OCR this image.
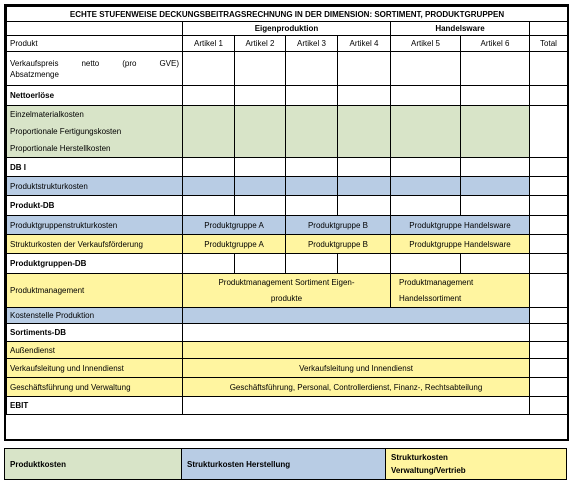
ECHTE STUFENWEISE DECKUNGSBEITRAGSRECHNUNG IN DER DIMENSION: SORTIMENT, PRODUKTGRUPPEN							
	Eigenproduktion				Handelsware		
Produkt	Artikel 1	Artikel 2	Artikel 3	Artikel 4	Artikel 5	Artikel 6	Total

Verkaufspreis netto (pro GVE)
Absatzmenge							

Nettoerlöse							

Einzelmaterialkosten
Proportionale Fertigungskosten
Proportionale Herstellkosten							

DB I							
Produktstrukturkosten							
Produkt-DB							
Produktgruppenstrukturkosten	Produktgruppe A		Produktgruppe B		Produktgruppe Handelsware		
Strukturkosten der Verkaufsförderung	Produktgruppe A		Produktgruppe B		Produktgruppe Handelsware		
Produktgruppen-DB							
Produktmanagement	Produktmanagement Sortiment Eigen-produkte				Produktmanagement
Handelssortiment		

Kostenstelle Produktion							
Sortiments-DB							
Außendienst							
Verkaufsleitung und Innendienst	Verkaufsleitung und Innendienst						
Geschäftsführung und Verwaltung	Geschäftsführung, Personal, Controllerdienst, Finanz-, Rechtsabteilung						
EBIT							
Produktkosten	Strukturkosten Herstellung
Strukturkosten
Verwaltung/Vertrieb
